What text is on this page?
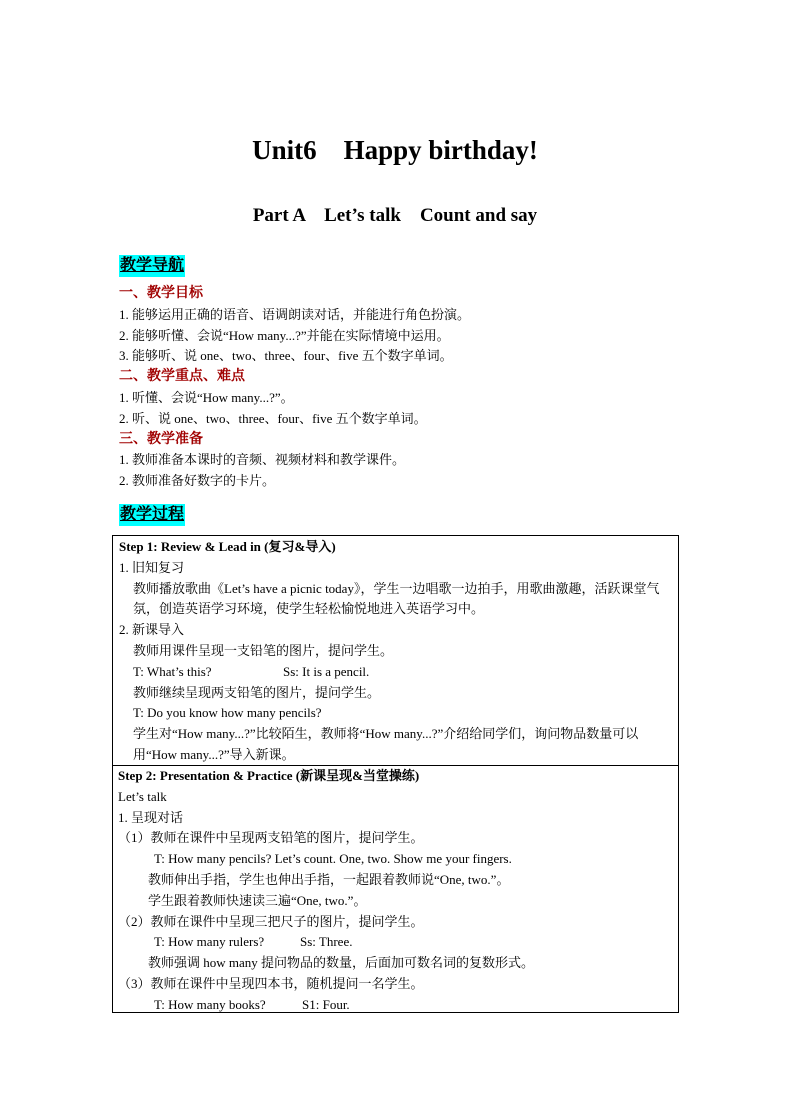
Unit6　Happy birthday!
Part A　Let’s talk　Count and say
教学导航
一、教学目标
1. 能够运用正确的语音、语调朗读对话，并能进行角色扮演。
2. 能够听懂、会说“How many...?”并能在实际情境中运用。
3. 能够听、说 one、two、three、four、five 五个数字单词。
二、教学重点、难点
1. 听懂、会说“How many...?”。
2. 听、说 one、two、three、four、five 五个数字单词。
三、教学准备
1. 教师准备本课时的音频、视频材料和教学课件。
2. 教师准备好数字的卡片。
教学过程
Step 1: Review & Lead in (复习&导入)
1. 旧知复习
教师播放歌曲《Let’s have a picnic today》，学生一边唱歌一边拍手，用歌曲激趣，活跃课堂气氛，创造英语学习环境，使学生轻松愉悦地进入英语学习中。
2. 新课导入
教师用课件呈现一支铅笔的图片，提问学生。
T: What’s this?	Ss: It is a pencil.
教师继续呈现两支铅笔的图片，提问学生。
T: Do you know how many pencils?
学生对“How many...?”比较陌生，教师将“How many...?”介绍给同学们，询问物品数量可以用“How many...?”导入新课。
Step 2: Presentation & Practice (新课呈现&当堂操练)
Let’s talk
1. 呈现对话
（1）教师在课件中呈现两支铅笔的图片，提问学生。
T: How many pencils? Let’s count. One, two. Show me your fingers.
教师伸出手指，学生也伸出手指，一起跟着教师说“One, two.”。
学生跟着教师快速读三遍“One, two.”。
（2）教师在课件中呈现三把尺子的图片，提问学生。
T: How many rulers?	Ss: Three.
教师强调 how many 提问物品的数量，后面加可数名词的复数形式。
（3）教师在课件中呈现四本书，随机提问一名学生。
T: How many books?	S1: Four.
